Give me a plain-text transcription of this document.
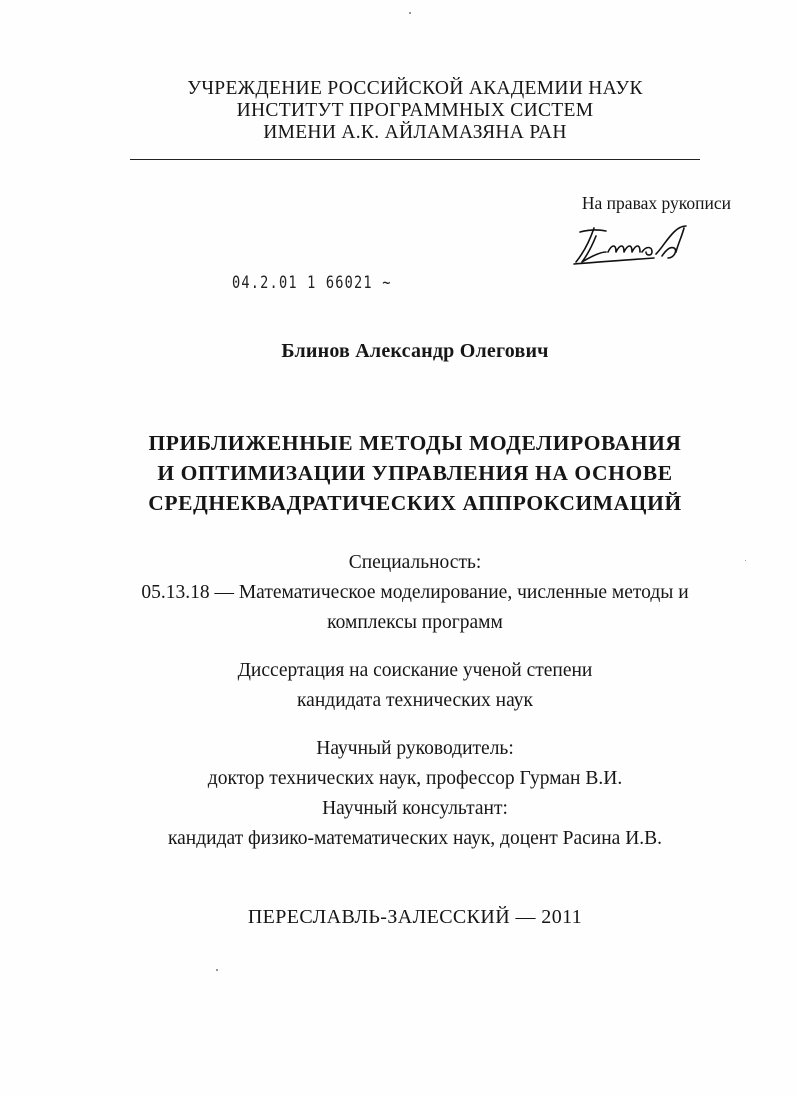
УЧРЕЖДЕНИЕ РОССИЙСКОЙ АКАДЕМИИ НАУК
ИНСТИТУТ ПРОГРАММНЫХ СИСТЕМ
ИМЕНИ А.К. АЙЛАМАЗЯНА РАН
На правах рукописи
04.2.01 1 66021 ~
Блинов Александр Олегович
ПРИБЛИЖЕННЫЕ МЕТОДЫ МОДЕЛИРОВАНИЯ
И ОПТИМИЗАЦИИ УПРАВЛЕНИЯ НА ОСНОВЕ
СРЕДНЕКВАДРАТИЧЕСКИХ АППРОКСИМАЦИЙ
Специальность:
05.13.18 — Математическое моделирование, численные методы и
комплексы программ
Диссертация на соискание ученой степени
кандидата технических наук
Научный руководитель:
доктор технических наук, профессор Гурман В.И.
Научный консультант:
кандидат физико-математических наук, доцент Расина И.В.
ПЕРЕСЛАВЛЬ-ЗАЛЕССКИЙ — 2011
